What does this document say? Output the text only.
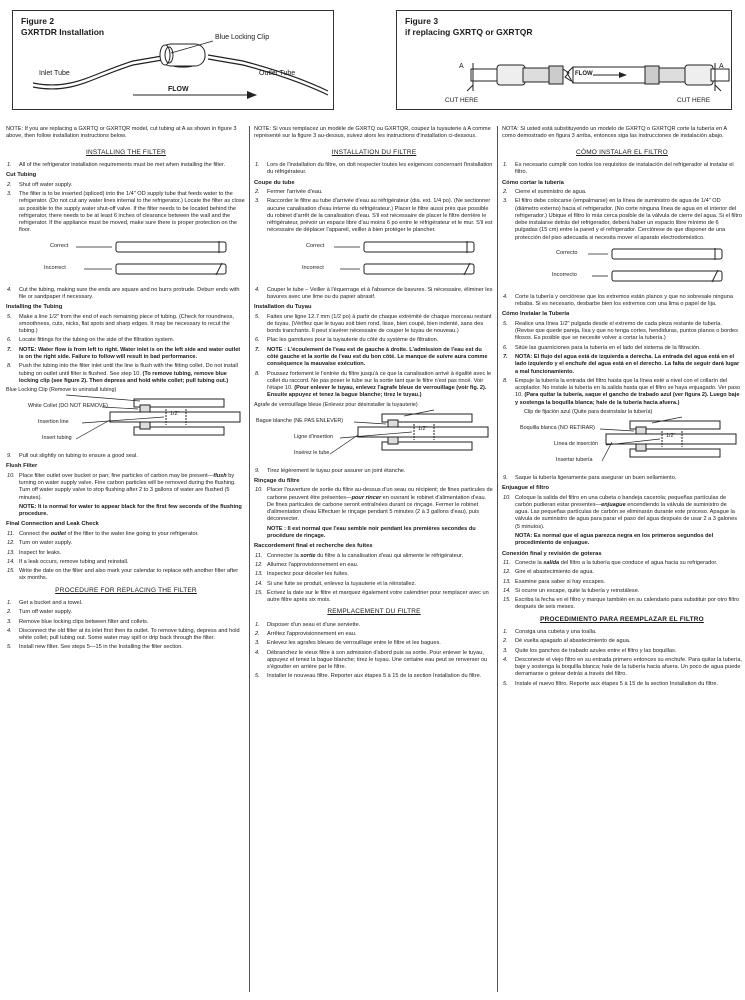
Figure 2
GXRTDR Installation
Blue Locking Clip
Inlet Tube	Outlet Tube
FLOW
Figure 3
if replacing GXRTQ or GXRTQR
A	A
FLOW
CUT HERE	CUT HERE
NOTE: If you are replacing a GXRTQ or GXRTQR model, cut tubing at A as shown in figure 3 above, then follow installation instructions below.
INSTALLING THE FILTER
1. All of the refrigerator installation requirements must be met when installing the filter.
Cut Tubing
2. Shut off water supply.
3. The filter is to be inserted (spliced) into the 1/4" OD supply tube that feeds water to the refrigerator. (Do not cut any water lines internal to the refrigerator.) Locate the filter as close as possible to the supply water shut-off valve. If the filter needs to be located behind the refrigerator, there needs to be at least 6 inches of clearance between the wall and the refrigerator. If the appliance must be moved, make sure there is proper protection on the floor.
Correct
Incorrect
4. Cut the tubing, making sure the ends are square and no burrs protrude. Deburr ends with file or sandpaper if necessary.
Installing the Tubing
5. Make a line 1/2" from the end of each remaining piece of tubing. (Check for roundness, smoothness, cuts, nicks, flat spots and sharp edges. It may be necessary to recut the tubing.)
6. Locate fittings for the tubing on the side of the filtration system.
7. NOTE: Water flow is from left to right. Water inlet is on the left side and water outlet is on the right side. Failure to follow will result in bad performance.
8. Push the tubing into the filter inlet until the line is flush with the fitting collet. Do not install tubing on outlet until filter is flushed. See step 10. (To remove tubing, remove blue locking clip (see figure 2). Then depress and hold white collet; pull tubing out.)
Blue Locking Clip (Remove to uninstall tubing)
White Collet (DO NOT REMOVE)
Insertion line
Insert tubing
1/2"
9. Pull out slightly on tubing to ensure a good seal.
Flush Filter
10. Place filter outlet over bucket or pan; fine particles of carbon may be present—flush by turning on water supply valve. Fine carbon particles will be removed during the flushing. Turn off water supply valve to stop flushing after 2 to 3 gallons of water are flushed (5 minutes).
NOTE: It is normal for water to appear black for the first few seconds of the flushing procedure.
Final Connection and Leak Check
11. Connect the outlet of the filter to the water line going to your refrigerator.
12. Turn on water supply.
13. Inspect for leaks.
14. If a leak occurs, remove tubing and reinstall.
15. Write the date on the filter and also mark your calendar to replace with another filter after six months.
PROCEDURE FOR REPLACING THE FILTER
1. Get a bucket and a towel.
2. Turn off water supply.
3. Remove blue locking clips between filter and collets.
4. Disconnect the old filter at its inlet first then its outlet. To remove tubing, depress and hold white collet; pull tubing out. Some water may spill or drip back through the filter.
5. Install new filter. See steps 5—15 in the Installing the filter section.
NOTE: Si vous remplacez un modèle de GXRTQ ou GXRTQR, coupez la tuyauterie à A comme représenté sur la figure 3 au-dessus, suivez alors les instructions d'installation ci-dessous.
INSTALLATION DU FILTRE
1. Lors de l'installation du filtre, on doit respecter toutes les exigences concernant l'installation du réfrigérateur.
Coupe du tube
2. Fermer l'arrivée d'eau.
3. Raccorder le filtre au tube d'arrivée d'eau au réfrigérateur (dia. ext. 1/4 po). (Ne sectionner aucune canalisation d'eau interne du réfrigérateur.) Placer le filtre aussi près que possible du robinet d'arrêt de la canalisation d'eau. S'il est nécessaire de placer le filtre derrière le réfrigérateur, prévoir un espace libre d'au moins 6 po entre le réfrigérateur et le mur. S'il est nécessaire de déplacer l'appareil, veiller à bien protéger le plancher.
Correct
Incorrect
4. Couper le tube – Veiller à l'équerrage et à l'absence de bavures. Si nécessaire, éliminer les bavures avec une lime ou du papier abrasif.
Installation du Tuyau
5. Faites une ligne 12.7 mm (1/2 po) à partir de chaque extrémité de chaque morceau restant de tuyau. (Vérifiez que le tuyau soit bien rond, lisse, bien coupé, bien indenté, sans des bords tranchants. Il peut s'avérer nécessaire de couper le tuyau de nouveau.)
6. Plac les garnitures pour la tuyauterie du côté du système de filtration.
7. NOTE : L'écoulement de l'eau est de gauche à droite. L'admission de l'eau est du côté gauche et la sortie de l'eau est du bon côté. Le manque de suivre aura comme conséquence la mauvaise exécution.
8. Poussez fortement le l'entrée du filtre jusqu'à ce que la canalisation arrivé à égalité avec le collet du raccord. Ne pas poser le tube sur la sortie tant que le filtre n'est pas rincé. Voir l'étape 10. (Pour enlever le tuyau, enlevez l'agrafe bleue de verrouillage (voir fig. 2). Ensuite appuyez et tenez la bague blanche; tirez le tuyau.)
Agrafe de verrouillage bleue (Enlevez pour désinstaller la tuyauterie)
Bague blanche (NE PAS ENLEVER)
Ligne d'insertion
Insérez le tube
1/2"
9. Tirez légèrement le tuyau pour assurer un joint étanche.
Rinçage du filtre
10. Placer l'ouverture de sortie du filtre au-dessus d'un seau ou récipient; de fines particules de carbone peuvent être présentes—pour rincer en ouvrant le robinet d'alimentation d'eau. De fines particules de carbone seront entraînées durant ce rinçage. Fermer le robinet d'alimentation d'eau Effectuer le rinçage pendant 5 minutes (2 à 3 gallons d'eau), puis déconnecter.
NOTE : Il est normal que l'eau semble noir pendant les premières secondes du procédure de rinçage.
Raccordement final et recherche des fuites
11. Connecter la sortie du filtre à la canalisation d'eau qui alimente le réfrigérateur.
12. Allumez l'approvisionnement en eau.
13. Inspectez pour déceler les fuites.
14. Si une fuite se produit, enlevez la tuyauterie et la réinstallez.
15. Écrivez la date sur le filtre et marquez également votre calendrier pour remplacer avec un autre filtre après six mois.
REMPLACEMENT DU FILTRE
1. Disposer d'un seau et d'une serviette.
2. Arrêtez l'approvisionnement en eau.
3. Enlevez les agrafes bleues de verrouillage entre le filtre et les bagues.
4. Débranchez le vieux filtre à son admission d'abord puis sa sortie. Pour enlever le tuyau, appuyez et tenez la bague blanche; tirez le tuyau. Une certaine eau peut se renverser ou s'égoutter en arrière par le filtre.
5. Installer le nouveau filtre. Reporter aux étapes 5 à 15 de la section Installation du filtre.
NOTA: Si usted está substituyendo un modelo de GXRTQ o GXRTQR corte la tubería en A como demostrado en figura 3 arriba, entonces siga las instrucciones de instalación abajo.
CÓMO INSTALAR EL FILTRO
1. Es necesario cumplir con todos los requisitos de instalación del refrigerador al instalar el filtro.
Cómo cortar la tubería
2. Cierre el suministro de agua.
3. El filtro debe colocarse (empalmarse) en la línea de suministro de agua de 1/4" OD (diámetro externo) hacia el refrigerador. (No corte ninguna línea de agua en el interior del refrigerador.) Ubique el filtro lo más cerca posible de la válvula de cierre del agua. Si el filtro debe instalarse detrás del refrigerador, deberá haber un espacio libre mínimo de 6 pulgadas (15 cm) entre la pared y el refrigerador. Cerciórese de que disponer de una protección del piso adecuada si necesita mover el aparato electrodoméstico.
Correcto
Incorrecto
4. Corte la tubería y cerciórese que los extremos están planos y que no sobresale ninguna rebaba. Si es necesario, desbarbe bien los extremos con una lima o papel de lija.
Cómo Instalar la Tubería
5. Realice una línea 1/2" pulgada desde el extremo de cada pieza restante de tubería. (Revise que quede pareja, lisa y que no tenga cortes, hendiduras, puntos planos o bordes filosos. Es posible que se necesite volver a cortar la tubería.)
6. Sitúe las guarniciones para la tubería en el lado del sistema de la filtración.
7. NOTA: El flujo del agua está de izquierda a derecha. La entrada del agua está en el lado izquierdo y el enchufe del agua está en el derecho. La falta de seguir dará lugar a mal funcionamiento.
8. Empuje la tubería la entrada del filtro hasta que la línea esté a nivel con el collarín del acoplador. No instale la tubería en la salida hasta que el filtro se haya enjuagado. Ver paso 10. (Para quitar la tubería, saque el gancho de trabado azul (ver figura 2). Luego baje y sostenga la boquilla blanca; hale de la tubería hacia afuera.)
Clip de fijación azul (Quite para desinstalar la tubería)
Boquilla blanca (NO RETIRAR)
Línea de inserción
Insertar tubería
1/2"
9. Saque la tubería ligeramente para asegurar un buen sellamiento.
Enjuague el filtro
10. Coloque la salida del filtro en una cubeta o bandeja cacerola; pequeñas partículas de carbón pudieran estar presentes—enjuague encendiendo la válvula de suministro de agua. Las pequeñas partículas de carbón se eliminarán durante este proceso. Apague la válvula de suministro de agua para parar el paso del agua después de usar 2 a 3 galones (5 minutos).
NOTA: Es normal que el agua parezca negra en los primeros segundos del procedimiento de enjuague.
Conexión final y revisión de goteras
11. Conecte la salida del filtro a la tubería que conduce el agua hacia su refrigerador.
12. Gire el abastecimiento de agua.
13. Examine para saber si hay escapes.
14. Si ocurre un escape, quite la tubería y reinstálese.
15. Escriba la fecha en el filtro y marque también en su calendario para substituir por otro filtro después de seis meses.
PROCEDIMIENTO PARA REEMPLAZAR EL FILTRO
1. Consiga una cubeta y una toalla.
2. Dé vuelta apagado al abastecimiento de agua.
3. Quite los ganchos de trabado azules entre el filtro y las boquillas.
4. Desconecte el viejo filtro en su entrada primero entonces su enchufe. Para quitar la tubería, baje y sostenga la boquilla blanca; hale de la tubería hacia afuera. Un poco de agua puede derramarse o gotear detrás a través del filtro.
5. Instale el nuevo filtro. Reporte aux étapes 5 à 15 de la section Installation du filtre.
